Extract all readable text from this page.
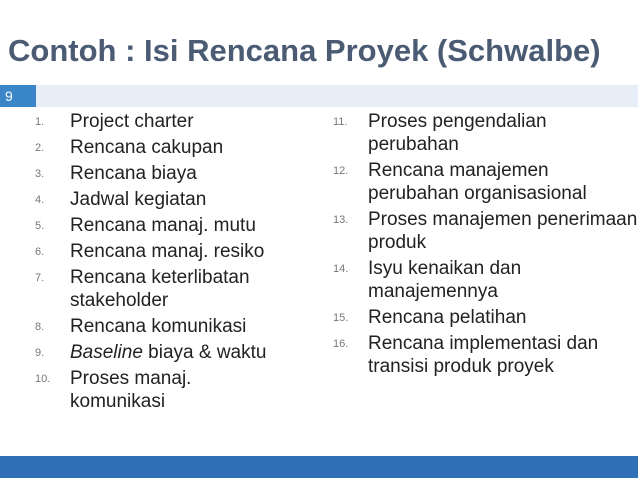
9
Contoh : Isi Rencana Proyek (Schwalbe)
1. Project charter
2. Rencana cakupan
3. Rencana biaya
4. Jadwal kegiatan
5. Rencana manaj. mutu
6. Rencana manaj. resiko
7. Rencana keterlibatan stakeholder
8. Rencana komunikasi
9. Baseline biaya & waktu
10. Proses manaj. komunikasi
11. Proses pengendalian perubahan
12. Rencana manajemen perubahan organisasional
13. Proses manajemen penerimaan produk
14. Isyu kenaikan dan manajemennya
15. Rencana pelatihan
16. Rencana implementasi dan transisi produk proyek
